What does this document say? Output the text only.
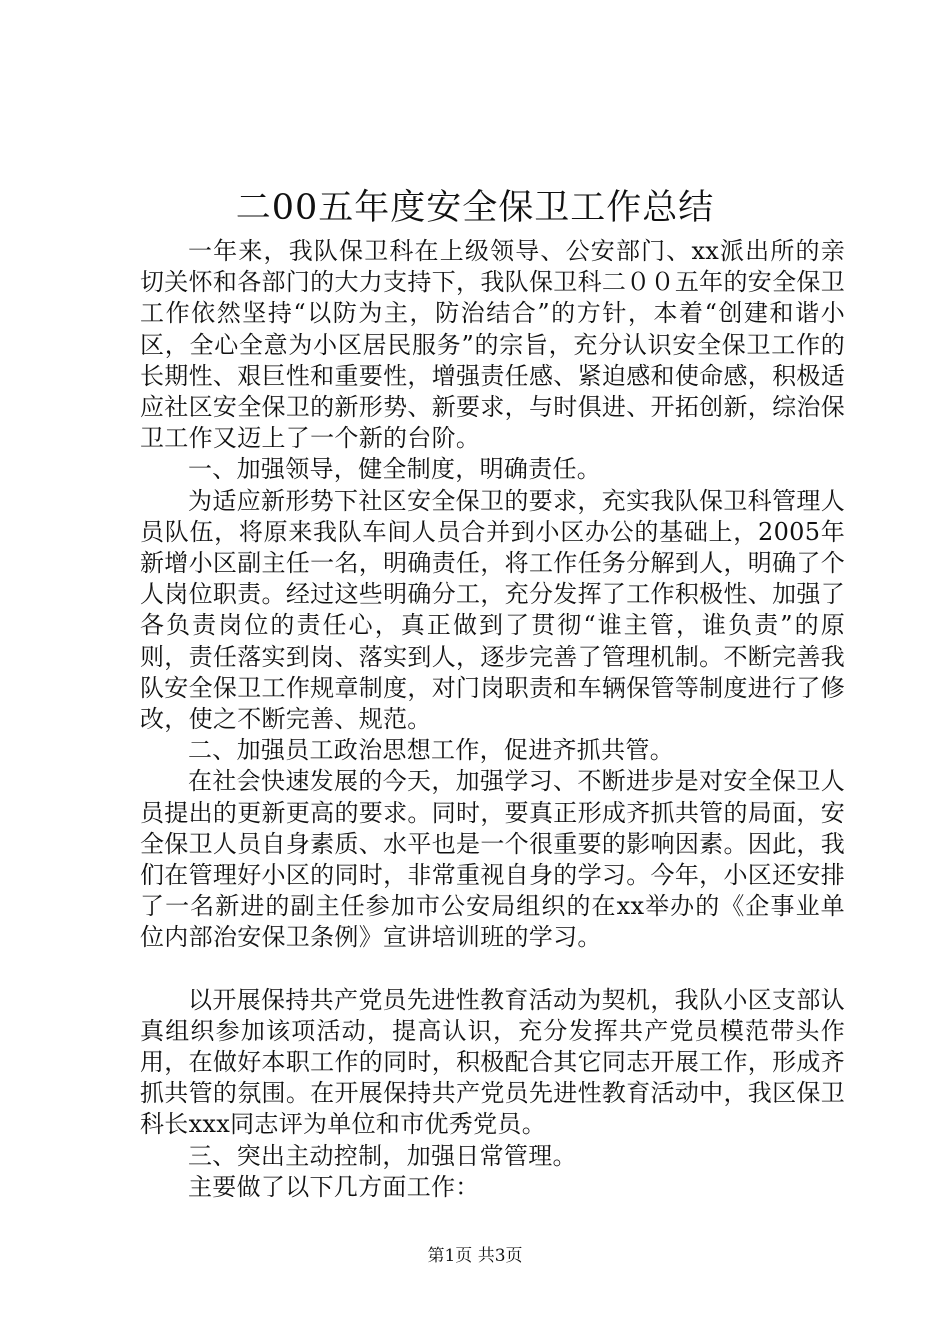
二00五年度安全保卫工作总结

一年来，我队保卫科在上级领导、公安部门、xx派出所的亲切关怀和各部门的大力支持下，我队保卫科二００五年的安全保卫工作依然坚持“以防为主，防治结合”的方针，本着“创建和谐小区，全心全意为小区居民服务”的宗旨，充分认识安全保卫工作的长期性、艰巨性和重要性，增强责任感、紧迫感和使命感，积极适应社区安全保卫的新形势、新要求，与时俱进、开拓创新，综治保卫工作又迈上了一个新的台阶。

一、加强领导，健全制度，明确责任。

为适应新形势下社区安全保卫的要求，充实我队保卫科管理人员队伍，将原来我队车间人员合并到小区办公的基础上，2005年新增小区副主任一名，明确责任，将工作任务分解到人，明确了个人岗位职责。经过这些明确分工，充分发挥了工作积极性、加强了各负责岗位的责任心，真正做到了贯彻“谁主管，谁负责”的原则，责任落实到岗、落实到人，逐步完善了管理机制。不断完善我队安全保卫工作规章制度，对门岗职责和车辆保管等制度进行了修改，使之不断完善、规范。

二、加强员工政治思想工作，促进齐抓共管。

在社会快速发展的今天，加强学习、不断进步是对安全保卫人员提出的更新更高的要求。同时，要真正形成齐抓共管的局面，安全保卫人员自身素质、水平也是一个很重要的影响因素。因此，我们在管理好小区的同时，非常重视自身的学习。今年，小区还安排了一名新进的副主任参加市公安局组织的在xx举办的《企事业单位内部治安保卫条例》宣讲培训班的学习。

以开展保持共产党员先进性教育活动为契机，我队小区支部认真组织参加该项活动，提高认识，充分发挥共产党员模范带头作用，在做好本职工作的同时，积极配合其它同志开展工作，形成齐抓共管的氛围。在开展保持共产党员先进性教育活动中，我区保卫科长xxx同志评为单位和市优秀党员。

三、突出主动控制，加强日常管理。

主要做了以下几方面工作：

第1页 共3页
